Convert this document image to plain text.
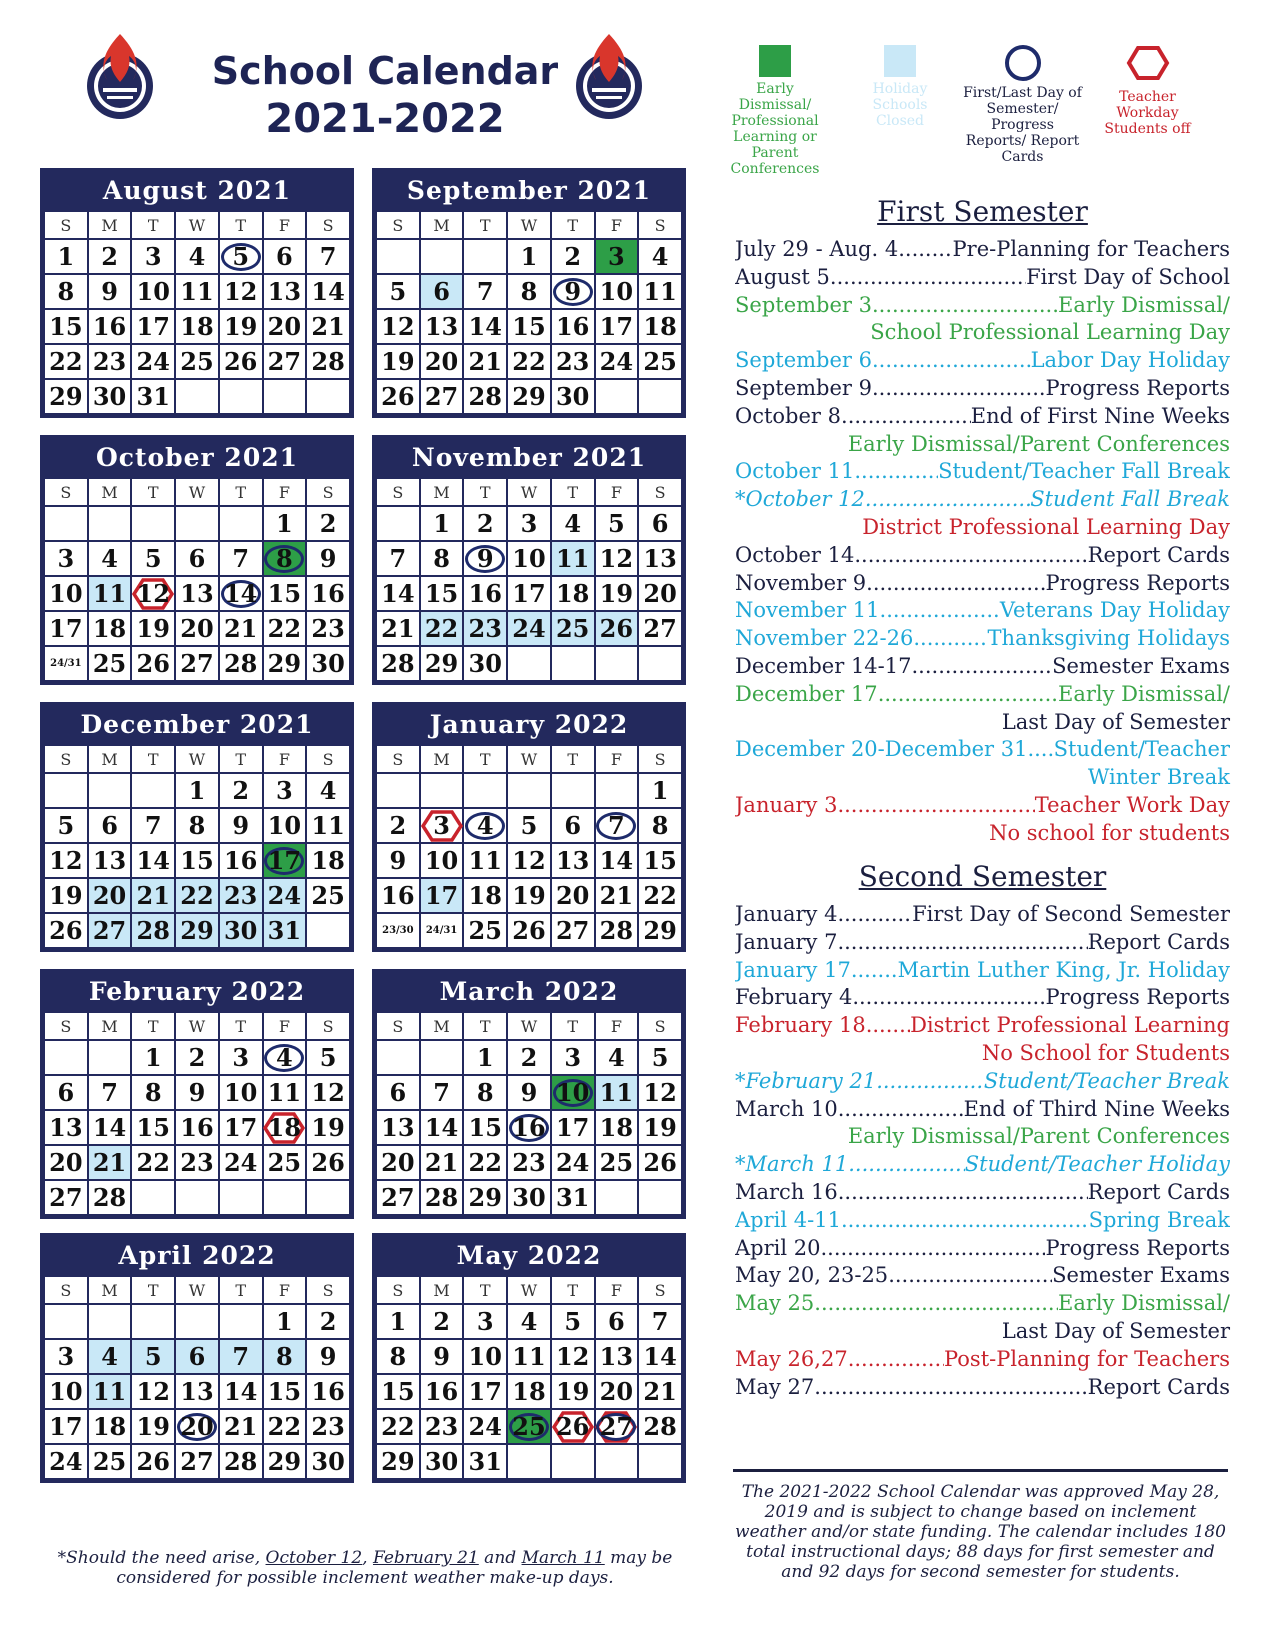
School Calendar
2021-2022
Early Dismissal/ Professional Learning or Parent Conferences
Holiday Schools Closed
First/Last Day of Semester/ Progress Reports/ Report Cards
Teacher Workday Students off
August 2021
S	M	T	W	T	F	S
1	2	3	4	5	6	7
8	9	10	11	12	13	14
15	16	17	18	19	20	21
22	23	24	25	26	27	28
29	30	31				
September 2021
S	M	T	W	T	F	S
			1	2	3	4
5	6	7	8	9	10	11
12	13	14	15	16	17	18
19	20	21	22	23	24	25
26	27	28	29	30		
October 2021
S	M	T	W	T	F	S
					1	2
3	4	5	6	7	8	9
10	11	12	13	14	15	16
17	18	19	20	21	22	23
24/31	25	26	27	28	29	30
November 2021
S	M	T	W	T	F	S
	1	2	3	4	5	6
7	8	9	10	11	12	13
14	15	16	17	18	19	20
21	22	23	24	25	26	27
28	29	30				
December 2021
S	M	T	W	T	F	S
			1	2	3	4
5	6	7	8	9	10	11
12	13	14	15	16	17	18
19	20	21	22	23	24	25
26	27	28	29	30	31	
January 2022
S	M	T	W	T	F	S
						1
2	3	4	5	6	7	8
9	10	11	12	13	14	15
16	17	18	19	20	21	22
23/30	24/31	25	26	27	28	29
February 2022
S	M	T	W	T	F	S
		1	2	3	4	5
6	7	8	9	10	11	12
13	14	15	16	17	18	19
20	21	22	23	24	25	26
27	28					
March 2022
S	M	T	W	T	F	S
		1	2	3	4	5
6	7	8	9	10	11	12
13	14	15	16	17	18	19
20	21	22	23	24	25	26
27	28	29	30	31		
April 2022
S	M	T	W	T	F	S
					1	2
3	4	5	6	7	8	9
10	11	12	13	14	15	16
17	18	19	20	21	22	23
24	25	26	27	28	29	30
May 2022
S	M	T	W	T	F	S
1	2	3	4	5	6	7
8	9	10	11	12	13	14
15	16	17	18	19	20	21
22	23	24	25	26	27	28
29	30	31				
First Semester
July 29 - Aug. 4 .....	Pre-Planning for Teachers
August 5 .....	First Day of School
September 3 .....	Early Dismissal/
School Professional Learning Day
September 6 .....	Labor Day Holiday
September 9 .....	Progress Reports
October 8 .....	End of First Nine Weeks
Early Dismissal/Parent Conferences
October 11 .....	Student/Teacher Fall Break
*October 12 .....	Student Fall Break
District Professional Learning Day
October 14 .....	Report Cards
November 9 .....	Progress Reports
November 11 .....	Veterans Day Holiday
November 22-26 .....	Thanksgiving Holidays
December 14-17 .....	Semester Exams
December 17 .....	Early Dismissal/
Last Day of Semester
December 20-December 31 ..... Student/Teacher
Winter Break
January 3 .....	Teacher Work Day
No school for students
Second Semester
January 4 .....	First Day of Second Semester
January 7 .....	Report Cards
January 17 ..... Martin Luther King, Jr. Holiday
February 4 .....	Progress Reports
February 18 ..... District Professional Learning
No School for Students
*February 21 .....	Student/Teacher Break
March 10 .....	End of Third Nine Weeks
Early Dismissal/Parent Conferences
*March 11 .....	Student/Teacher Holiday
March 16 .....	Report Cards
April 4-11 .....	Spring Break
April 20 .....	Progress Reports
May 20, 23-25 .....	Semester Exams
May 25 .....	Early Dismissal/
Last Day of Semester
May 26,27 .....	Post-Planning for Teachers
May 27 .....	Report Cards
The 2021-2022 School Calendar was approved May 28, 2019 and is subject to change based on inclement weather and/or state funding. The calendar includes 180 total instructional days; 88 days for first semester and and 92 days for second semester for students.
*Should the need arise, October 12, February 21 and March 11 may be considered for possible inclement weather make-up days.
